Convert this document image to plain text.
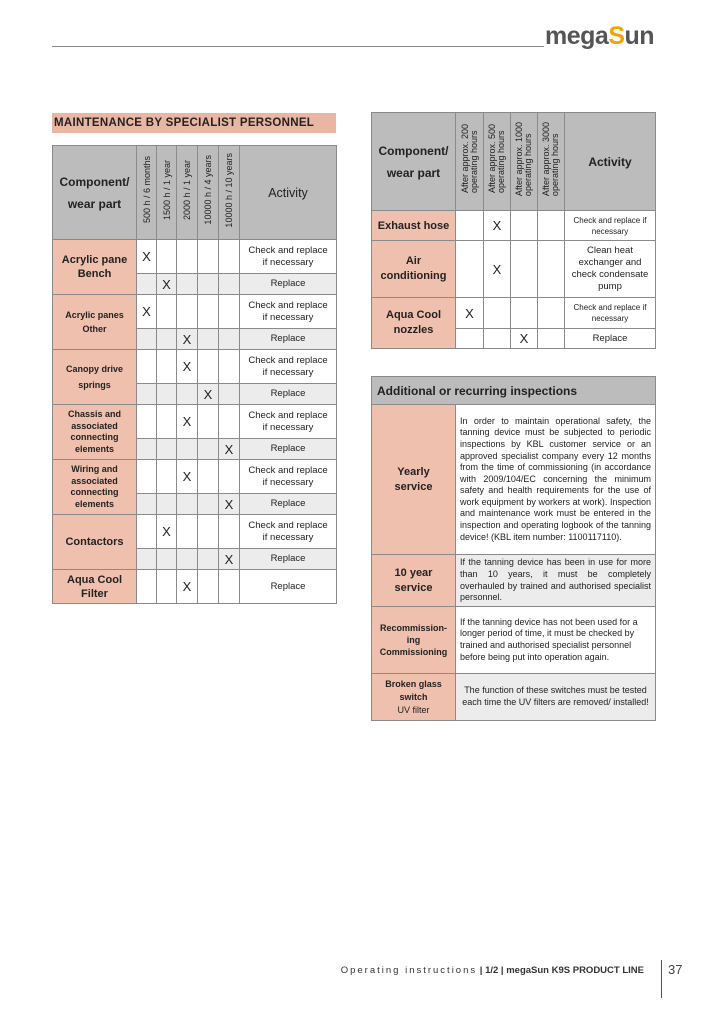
megaSun
MAINTENANCE BY SPECIALIST PERSONNEL
Component/
wear part	500 h / 6 months	1500 h / 1 year	2000 h / 1 year	10000 h / 4 years	10000 h / 10 years	Activity
Acrylic pane
Bench	X					Check and replace
if necessary
		X				Replace
Acrylic panes
Other	X					Check and replace
if necessary
			X			Replace
Canopy drive
springs			X			Check and replace
if necessary
				X		Replace
Chassis and
associated
connecting
elements			X			Check and replace
if necessary
					X	Replace
Wiring and
associated
connecting
elements			X			Check and replace
if necessary
					X	Replace
Contactors		X				Check and replace
if necessary
					X	Replace
Aqua Cool
Filter			X			Replace
Component/
wear part	After approx. 200
operating hours	After approx. 500
operating hours	After approx. 1000
operating hours	After approx. 3000
operating hours	Activity
Exhaust hose		X			Check and replace if
necessary
Air
conditioning		X			Clean heat
exchanger and
check condensate
pump
Aqua Cool
nozzles	X				Check and replace if
necessary
			X		Replace
Additional or recurring inspections	
Yearly
service	In order to maintain operational safety, the tanning device must be subjected to periodic inspections by KBL customer service or an approved specialist company every 12 months from the time of commissioning (in accordance with 2009/104/EC concerning the minimum safety and health requirements for the use of work equipment by workers at work). Inspection and maintenance work must be entered in the inspection and operating logbook of the tanning device! (KBL item number: 1100117110).
10 year
service	If the tanning device has been in use for more than 10 years, it must be completely overhauled by trained and authorised specialist personnel.
Recommission-
ing
Commissioning	If the tanning device has not been used for a longer period of time, it must be checked by trained and authorised specialist personnel before being put into operation again.

Broken glass
switch
UV filter	The function of these switches must be tested each time the UV filters are removed/ installed!
Operating instructions | 1/2 | megaSun K9S PRODUCT LINE 37
